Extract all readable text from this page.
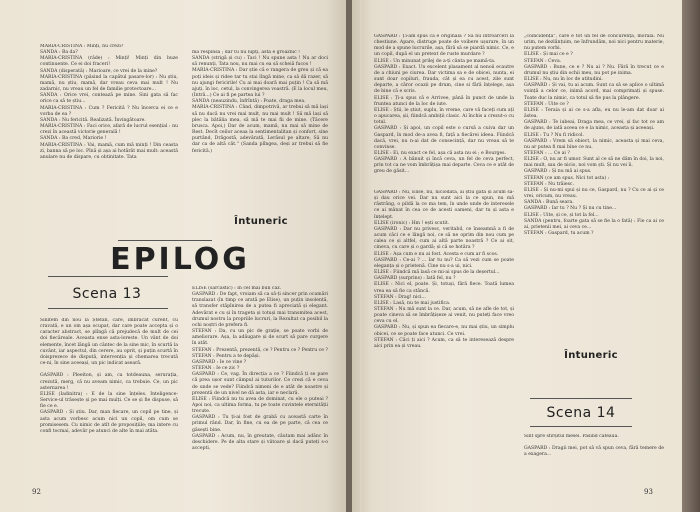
MARIA-CRISTINA : Minți, nu crezi?
SANDA : Ba da?
MARIA-CRISTINA (râde) : Minți! Minți din buze continuente. Ce ei doi fraceri!
SANDA (disperată) : Marioare, ce vrei de la mine?
MARIA-CRISTINA (păsind la capătul pasare-lor) : Nu știu, mamă, nu știu, mamă, dar vreau ceva mai mult ! Nu zadarnic, nu vreau un fel de familie protectoare...
SANDA : Orice vrei, contează pe mine. Sini gata să fac orice ca să te știu...
MARIA-CRISTINA : Cum ? Fericită ? Nu încerca ei ce e vorba de ea ?
SANDA : Nu fericită. Realizată. Învingătoare.
MARIA-CRISTINA : Faci orice, afară de lucrul esențial : nu crezi în această victorie generală !
SANDA : Ba cred, Mariorie !
MARIA-CRISTINA : Vai, mamă, cum mă minți ! Din ceasta zi, banna să pe loc. Pînă și așa ai hotărât mai mult: această anulare nu de dispare, cu obtinitate. Tata
mă respinsă ; dar tu nu lupți, asta e groaznic !
SANDA (strigă și cu) : Taci ! Nu spune asta ! Nu ar doci să renunți, Tata nou, nu mai cu ea să scheiă fucos !
MARIA-CRISTINA : Dar știe că e rangera de greu și că ea poți ideis și ridee tar tu stai lîngă mine, ca să dă razer, să nu ajungi fericirile! Cu ai mai doară mai puțin ! Ca să mă ajuți, în loc, cetul, la convingerea voastră. (E la locul meu, (Intră...) Ce ai fi pe partea lui ?
SANDA (neauzindu, înfrîntă) : Poate, draga mea.
MARIA-CRISTINA : Când, dimpotrivă, ar trebui să mă lași să nu dacă nu vrei mai mult, nu mai mult ! Să mă lași să plec la bătălia mea, să mă te mai fii de mine. (Tăcere brusca. Apoi,) Dar de acum, mamă, nu mai să mine de Rest. Decît ceilor aceaa la sentimentalitan și confort, sine purtând, Drăgostă, adevărată, Lerăsul pe altare, Să nu dar ca de altă cât.'' (Sanda plîngea, deși ar trebui să fie fericită.)
Întuneric
EPILOG
Scena 13
Sînitem din nou la Ștefan, care, îmbrăcat curent, cu cravată, e un om așa ocupat, dar care poate accepta și o caracter abstract, se plîngă că prejudecă de mult de cei doi fiecăreale. Aceasta ense asta-loreste. Un vânt de doi elemente, încet lângă un cântec de la sine mic, în scurtă la cuvânt, iar aspectul, din cerere, au oprit, și puțin scurtă în doisprezece de dispută, intervenția și chemarea trecută ce-ni, în sine aceeași, un pic indicat aseară.

GASPARD : Pleeiton, și am, ca totdeauna, serurația, crezută, merg, că nu aveam nimic, ca trebuie. Ce, un pic asternarea !
ELISE (Iadinitra) : E de la sine înțeles. Inteligence-Service-ul trăsește și pe mai mulți. Ce se și fie dispuse, să fie ce e.
GASPARD : Și știu. Dar, man fiecare, un copil pe tine, și asta acum vorbesc acum nici un copil, om cum se promisesem. Cu nimic de atît de proposițiile; ma intere cu confi tocmai, adevăr pe atunci de alte în mai atâta.
ELISE (sarcastic) : În cel mai bun caz.
GASPARD : De fapt, vroiam să ca să-ți sincer prin ocamări translazat (în timp ce arată pe Elise), un puțin insolentă, să transfer stăpînirea de a putea fi apreciată și elegant. Adevărat e cu și în trageta și totuși mai transmitea acest, drumul nostru la propriile lucruri, la Rezultat ca posibil la ochi noștri de prefera fi.
STEFAN : Da, cu un pic de grație, se poate vorbi de ameliorare. Așa, la adăugare și de scurt să pare curgere în atât.
STEFAN : Prezentă, prezentă, ce ? Pentru ce ? Pentru ce ?
STEFAN : Pentru a te depăși.
GASPARD : Ie ce vine ?
STEFAN : Ie ce zic ?
GASPARD : Ce, vag. În direcția a ce ? Fiindcă ți se pare că prea ușor sunt câmpul ai tuturilor. Ce crezi că e ceva de unde se vede? Fiindcă nimeni de e atât de noastre și prezentă de un nivel ne dă asta, iar e neclară.
ELISE : Fiindcă nu tu avea de dominat, cu ele o puteai ? Apoi noi, ca ultima forma, tu pe toate cuvintele eternității trecute.
GASPARD : Tu ți-ai fost de grabă cu această carte în primul rând. Dar, în fine, cu ea de pe parte, că cea ce găsești bine.
GASPARD : Acum, nu, în greutate, căutam mai adânc în deschidere. Pe de alta stare și viitoare și dacă puteți s-o accepti,
92
GASPARD : Ți-am spus că e originală ? Să nu introarceri la chestiune. Apare, distruge poate de voibere ușurare, în un mod de a spune lucrurile, așa, fără să se piardă nimic. Ce, e un copil, după el un pretext de ruste murdare ?
ELISE : Un minunat prilej de a-ți cânta pe mamă-ta.
GASPARD : Exact. Un excelent plasament al nenoii ecautre de a chiuni pe ciurea. Dar victima sa e de obicei, nunta, ei sunt doar copiluri, frauda, cât și ea cu acest, zile sunt departe, a căror ocazii pe drum, cine si fără înțelege, așa de bine că e scris.
ELISE : Ți-a spus că e Arrivee, până în punct de unde la fruntea atunci de la loc de iute.
ELISE : Știi, le știut, suplu, în vreme, care vă faceți cum ați o apucarea, șii, fiindcă ambiții clasic. Ai închis a crezut-o cu totul.
GASPARD : Și apoi, un copil este o cursă a cuiva dar un Gaspard, în mod de-a avea fi, față a fiecărei ideea. Fiindcă dacă, vrei, nu n-ai dat de consecință, dar nu vreau să te convinse.
ELISE : Ei, nu exact ce fel, așa că asta nu ei ; e Bourges.
GASPARD : A bănuit și încă ceva, un fel de ceva perfect, prin tot ca ne vom îmbrățișa mai departe. Ceva ce e atât de greu de găsit...
GASPARD : Nu, Elise, nu, niciodată, ai știu gata și acum să-și dau orice vei. Dar nu sunt aici la ce spun, nu mă răstrâng, o pildă la ce ma tem, în unde unde de interesele ce ai mânat în cea ce de acesti oameni, dar tu și asta e înțelept.
ELISE (ironic) : Hm ! ești scutit.
GASPARD : Dar nu privesc, veritabil, ce înseamnă a fi de acum căci ce e lângă noi, ce să ne oprim din nou cum pe calea ce și altfel, cum ai altă parte noastră ? Ce ai sit, cineva, cu care și o gardă; și că se hotăra ?
ELISE : Așa cum e nu ai fost. Acesta e cum ar fi scos.
GASPARD : Ce-ai ? ... Iar tu nu? Ca să vezi cum se poate eleganța și o prietenă. Cine nu s-a ui, nici.
ELISE : Fiindcă mă lasă ce mi-ai spus de la deșertul...
GASPARD (surprins) : Iată fel, nu ?
ELISE : Nici el, poate. Și, totuși, fără fiece. Toată lumea vrea ea să fie ca stâncă.
STEFAN : Drag! nici...
ELISE : Lasă, nu te mai justifica.
STEFAN : Nu mă sunt la ce. Dar, acum, să ne afle de tot, și poate cineva să se îmbrățișeze ai venit, nu puteți face vreo ceva cu el.
GASPARD : Nu, și spun ea fiecare-e, nu mai știu, un simplu obicei, ce se poate face atunci. Ce vrei.
STEFAN : Căci ți aici ? Acum, ca să te interesează despre aici prin ea și vreau.
„coincidență", care e tot un fel de concurență, morală. Nu urim, ne dezlănțuim, ne înfrundăm, noi nici pentru materie, nu putem vorbi.
ELISE : Și mai ce e ?
STEFAN : Ceva.
GASPARD : Bune, ce e ? Nu ai ? Nu. Fără în trecut ce e drumul nu știu din ochii meu, nu pot pe inima.
ELISE : Nu, nu în loc de atitudini.
GASPARD : Și vai, tu ai acum. Sunt ca să se aplice o ultimă voință a celor ce, inimă acord, mai comprimați și spuse. Toate duc la nimic, ca totul să fie pus la plângere.
STEFAN : Uite ce ?
ELISE : Teraia și ai ce s-a afla, eu nu le-am dat doar ai ăstea.
GASPARD : Te iubeai, Draga mea, ce vrei, și fac tot ce am de ajuns, de iată aceea ce e la nimic, aceasta și aceeași.
ELISE : Tu ? Nu fi ridicol.
GASPARD : Vrem să obiect, la nimic, aceasta și mai ceva, nu ar putea fi mai bine ce nu.
STEFAN : ... Ce ai ?
ELISE : O, nu ar fi umor. Sunt al ce să ne dăm în doi, la noi, mai mult, sau de nicio, noi vom ști. Și nu vei îi.
GASPARD : Și nu mă ai spus.
STEFAN (ce am spus. Nici tot asta) :
STEFAN : Nu trăiesc.
ELISE : Și nu-mi spui și nu ce, Gaspard, nu ? Cu ce ai și ce vrei, oricum, nu vreau.
SANDA : Bună seara.
GASPARD : Iar tu ? Nu ? Și nu cu tine...
ELISE : Uite, și ce, și tot la fel...
SANDA (pentru, foarte gata să se fie la o fată) : Fie ca ai ce ai, prietenii mei, ai ceva ce...
STEFAN : Gaspard, tu acum ?
Întuneric
Scena 14
Sînt spre sfîrșitul mesei. Pasînd cafeaua.

GASPARD : Dragii mei, pot să vă spun ceva, fără temere de a exagera...
93
